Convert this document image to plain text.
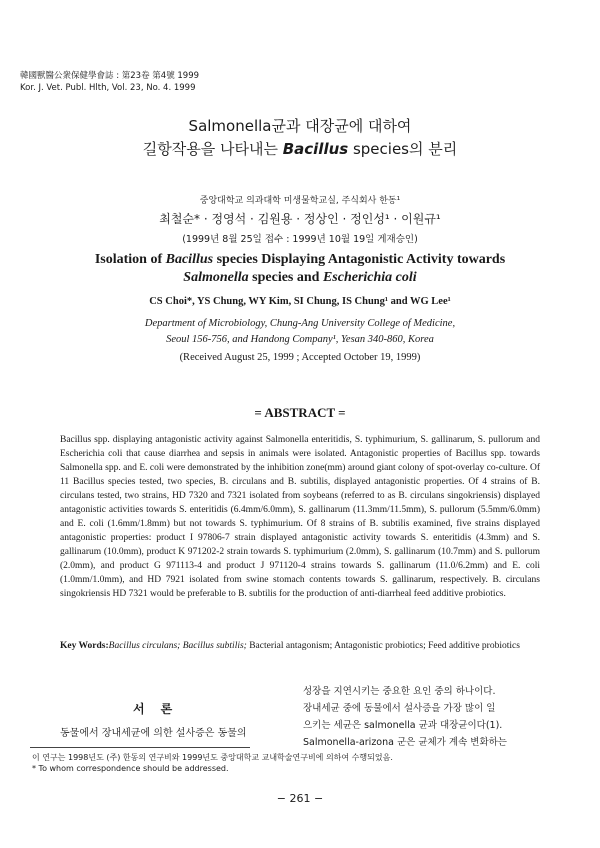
韓國獸醫公衆保健學會誌 : 第23卷 第4號 1999
Kor. J. Vet. Publ. Hlth, Vol. 23, No. 4. 1999
Salmonella균과 대장균에 대하여
길항작용을 나타내는 Bacillus species의 분리
중앙대학교 의과대학 미생물학교실, 주식회사 한동¹
최철순* · 정영석 · 김원용 · 정상인 · 정인성¹ · 이원규¹
(1999년 8월 25일 접수 : 1999년 10월 19일 게재승인)
Isolation of Bacillus species Displaying Antagonistic Activity towards
Salmonella species and Escherichia coli
CS Choi*, YS Chung, WY Kim, SI Chung, IS Chung¹ and WG Lee¹
Department of Microbiology, Chung-Ang University College of Medicine,
Seoul 156-756, and Handong Company¹, Yesan 340-860, Korea
(Received August 25, 1999 ; Accepted October 19, 1999)
= ABSTRACT =

Bacillus spp. displaying antagonistic activity against Salmonella enteritidis, S. typhimurium, S. gallinarum, S. pullorum and Escherichia coli that cause diarrhea and sepsis in animals were isolated. Antagonistic properties of Bacillus spp. towards Salmonella spp. and E. coli were demonstrated by the inhibition zone(mm) around giant colony of spot-overlay co-culture. Of 11 Bacillus species tested, two species, B. circulans and B. subtilis, displayed antagonistic properties. Of 4 strains of B. circulans tested, two strains, HD 7320 and 7321 isolated from soybeans (referred to as B. circulans singokriensis) displayed antagonistic activities towards S. enteritidis (6.4mm/6.0mm), S. gallinarum (11.3mm/11.5mm), S. pullorum (5.5mm/6.0mm) and E. coli (1.6mm/1.8mm) but not towards S. typhimurium. Of 8 strains of B. subtilis examined, five strains displayed antagonistic properties: product I 97806-7 strain displayed antagonistic activity towards S. enteritidis (4.3mm) and S. gallinarum (10.0mm), product K 971202-2 strain towards S. typhimurium (2.0mm), S. gallinarum (10.7mm) and S. pullorum (2.0mm), and product G 971113-4 and product J 971120-4 strains towards S. gallinarum (11.0/6.2mm) and E. coli (1.0mm/1.0mm), and HD 7921 isolated from swine stomach contents towards S. gallinarum, respectively. B. circulans singokriensis HD 7321 would be preferable to B. subtilis for the production of anti-diarrheal feed additive probiotics.

Key Words:Bacillus circulans; Bacillus subtilis; Bacterial antagonism; Antagonistic probiotics; Feed additive probiotics
서론
동물에서 장내세균에 의한 설사증은 동물의
성장을 지연시키는 중요한 요인 중의 하나이다.
장내세균 중에 동물에서 설사증을 가장 많이 일
으키는 세균은 salmonella 균과 대장균이다(1).
Salmonella-arizona 군은 균체가 계속 변화하는
이 연구는 1998년도 (주) 한동의 연구비와 1999년도 중앙대학교 교내학술연구비에 의하여 수행되었음.
* To whom correspondence should be addressed.
− 261 −
